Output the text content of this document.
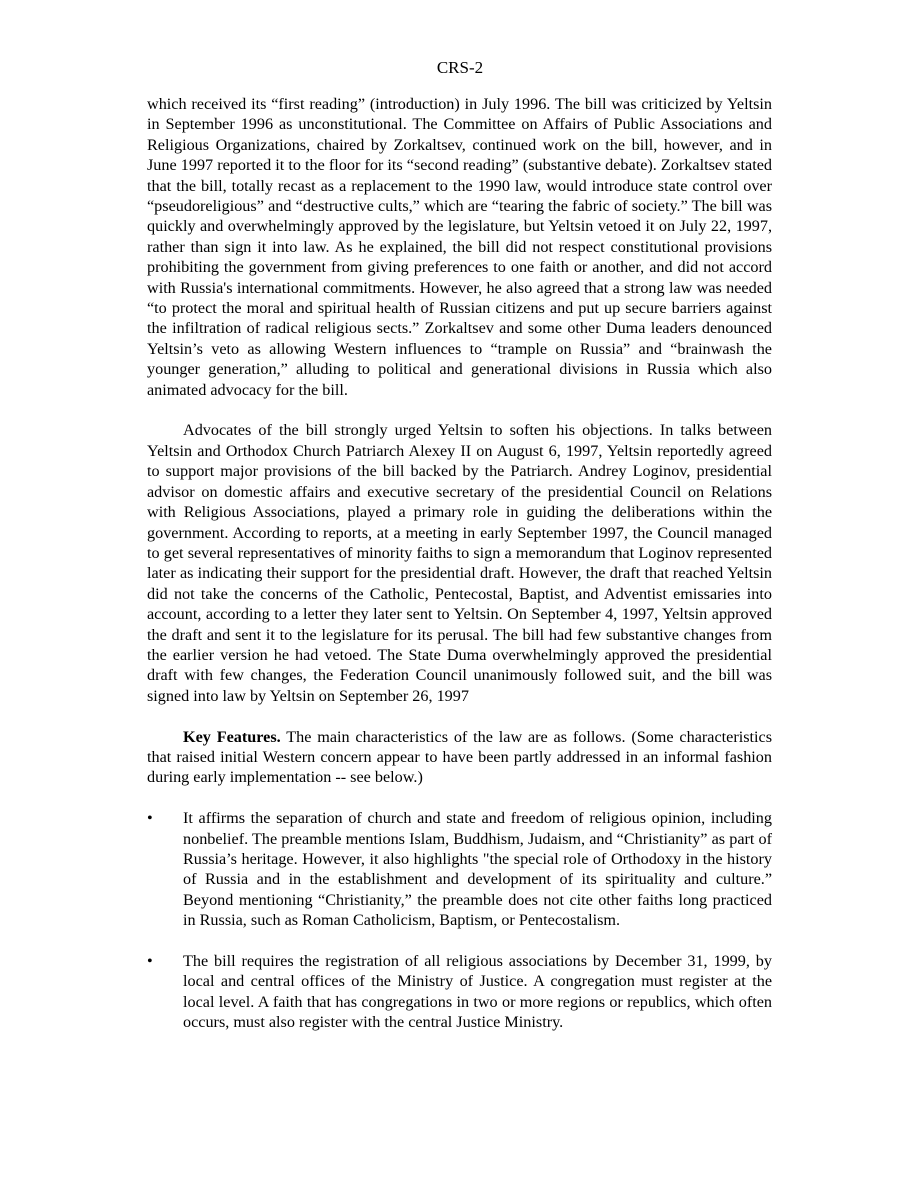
CRS-2

which received its “first reading” (introduction) in July 1996. The bill was criticized by Yeltsin in September 1996 as unconstitutional. The Committee on Affairs of Public Associations and Religious Organizations, chaired by Zorkaltsev, continued work on the bill, however, and in June 1997 reported it to the floor for its “second reading” (substantive debate). Zorkaltsev stated that the bill, totally recast as a replacement to the 1990 law, would introduce state control over “pseudoreligious” and “destructive cults,” which are “tearing the fabric of society.” The bill was quickly and overwhelmingly approved by the legislature, but Yeltsin vetoed it on July 22, 1997, rather than sign it into law. As he explained, the bill did not respect constitutional provisions prohibiting the government from giving preferences to one faith or another, and did not accord with Russia's international commitments. However, he also agreed that a strong law was needed “to protect the moral and spiritual health of Russian citizens and put up secure barriers against the infiltration of radical religious sects.” Zorkaltsev and some other Duma leaders denounced Yeltsin’s veto as allowing Western influences to “trample on Russia” and “brainwash the younger generation,” alluding to political and generational divisions in Russia which also animated advocacy for the bill.

Advocates of the bill strongly urged Yeltsin to soften his objections. In talks between Yeltsin and Orthodox Church Patriarch Alexey II on August 6, 1997, Yeltsin reportedly agreed to support major provisions of the bill backed by the Patriarch. Andrey Loginov, presidential advisor on domestic affairs and executive secretary of the presidential Council on Relations with Religious Associations, played a primary role in guiding the deliberations within the government. According to reports, at a meeting in early September 1997, the Council managed to get several representatives of minority faiths to sign a memorandum that Loginov represented later as indicating their support for the presidential draft. However, the draft that reached Yeltsin did not take the concerns of the Catholic, Pentecostal, Baptist, and Adventist emissaries into account, according to a letter they later sent to Yeltsin. On September 4, 1997, Yeltsin approved the draft and sent it to the legislature for its perusal. The bill had few substantive changes from the earlier version he had vetoed. The State Duma overwhelmingly approved the presidential draft with few changes, the Federation Council unanimously followed suit, and the bill was signed into law by Yeltsin on September 26, 1997

Key Features. The main characteristics of the law are as follows. (Some characteristics that raised initial Western concern appear to have been partly addressed in an informal fashion during early implementation -- see below.)

• It affirms the separation of church and state and freedom of religious opinion, including nonbelief. The preamble mentions Islam, Buddhism, Judaism, and “Christianity” as part of Russia’s heritage. However, it also highlights "the special role of Orthodoxy in the history of Russia and in the establishment and development of its spirituality and culture.” Beyond mentioning “Christianity,” the preamble does not cite other faiths long practiced in Russia, such as Roman Catholicism, Baptism, or Pentecostalism.

• The bill requires the registration of all religious associations by December 31, 1999, by local and central offices of the Ministry of Justice. A congregation must register at the local level. A faith that has congregations in two or more regions or republics, which often occurs, must also register with the central Justice Ministry.
